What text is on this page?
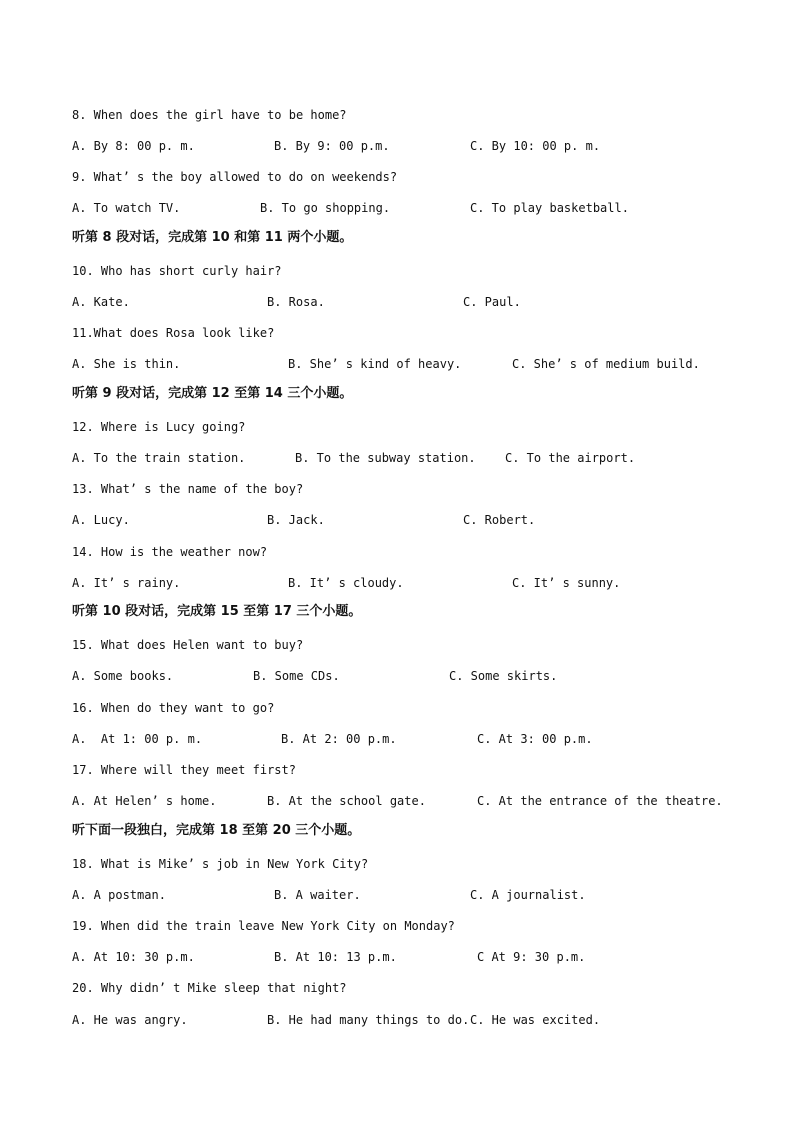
8. When does the girl have to be home?
A. By 8: 00 p. m.	B. By 9: 00 p.m.	C. By 10: 00 p. m.
9. What’ s the boy allowed to do on weekends?
A. To watch TV.	B. To go shopping.	C. To play basketball.
听第 8 段对话，完成第 10 和第 11 两个小题。
10. Who has short curly hair?
A. Kate.	B. Rosa.	C. Paul.
11.What does Rosa look like?
A. She is thin.	B. She’ s kind of heavy.	C. She’ s of medium build.
听第 9 段对话，完成第 12 至第 14 三个小题。
12. Where is Lucy going?
A. To the train station.	B. To the subway station. C. To the airport.
13. What’ s the name of the boy?
A. Lucy.	B. Jack.	C. Robert.
14. How is the weather now?
A. It’ s rainy.	B. It’ s cloudy.	C. It’ s sunny.
听第 10 段对话，完成第 15 至第 17 三个小题。
15. What does Helen want to buy?
A. Some books.	B. Some CDs.	C. Some skirts.
16. When do they want to go?
A.  At 1: 00 p. m.	B. At 2: 00 p.m.	C. At 3: 00 p.m.
17. Where will they meet first?
A. At Helen’ s home.	B. At the school gate.	C. At the entrance of the theatre.
听下面一段独白，完成第 18 至第 20 三个小题。
18. What is Mike’ s job in New York City?
A. A postman.	B. A waiter.	C. A journalist.
19. When did the train leave New York City on Monday?
A. At 10: 30 p.m.	B. At 10: 13 p.m.	C At 9: 30 p.m.
20. Why didn’ t Mike sleep that night?
A. He was angry.	B. He had many things to do. C. He was excited.
